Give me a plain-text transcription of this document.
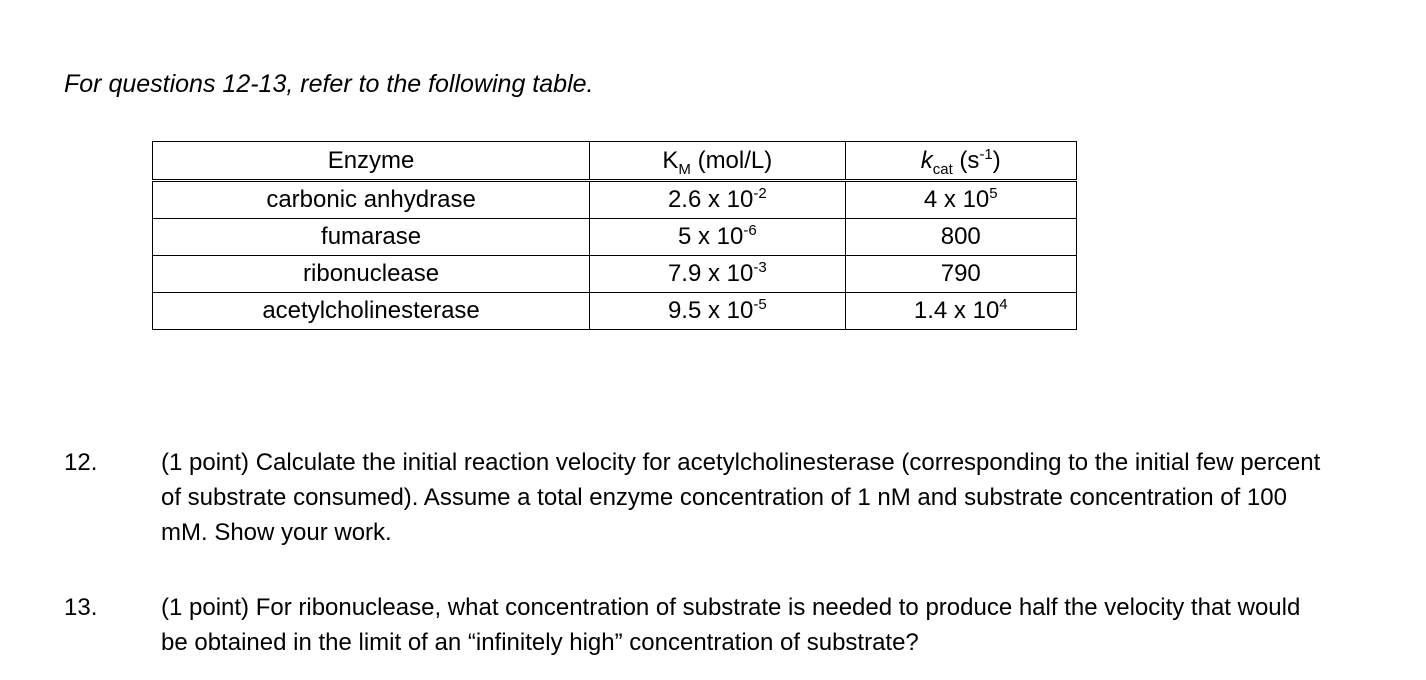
For questions 12-13, refer to the following table.
Enzyme	$K_M$ (mol/L)	$k_{cat}$ $(s^{-1})$
carbonic anhydrase	2.6 x $10^{-2}$	4 x $10^5$
fumarase	5 x $10^{-6}$	800
ribonuclease	7.9 x $10^{-3}$	790
acetylcholinesterase	9.5 x $10^{-5}$	1.4 x $10^4$
12.	(1 point) Calculate the initial reaction velocity for acetylcholinesterase (corresponding to the initial few percent of substrate consumed). Assume a total enzyme concentration of 1 nM and substrate concentration of 100 mM. Show your work.
13.	(1 point) For ribonuclease, what concentration of substrate is needed to produce half the velocity that would be obtained in the limit of an “infinitely high” concentration of substrate?
